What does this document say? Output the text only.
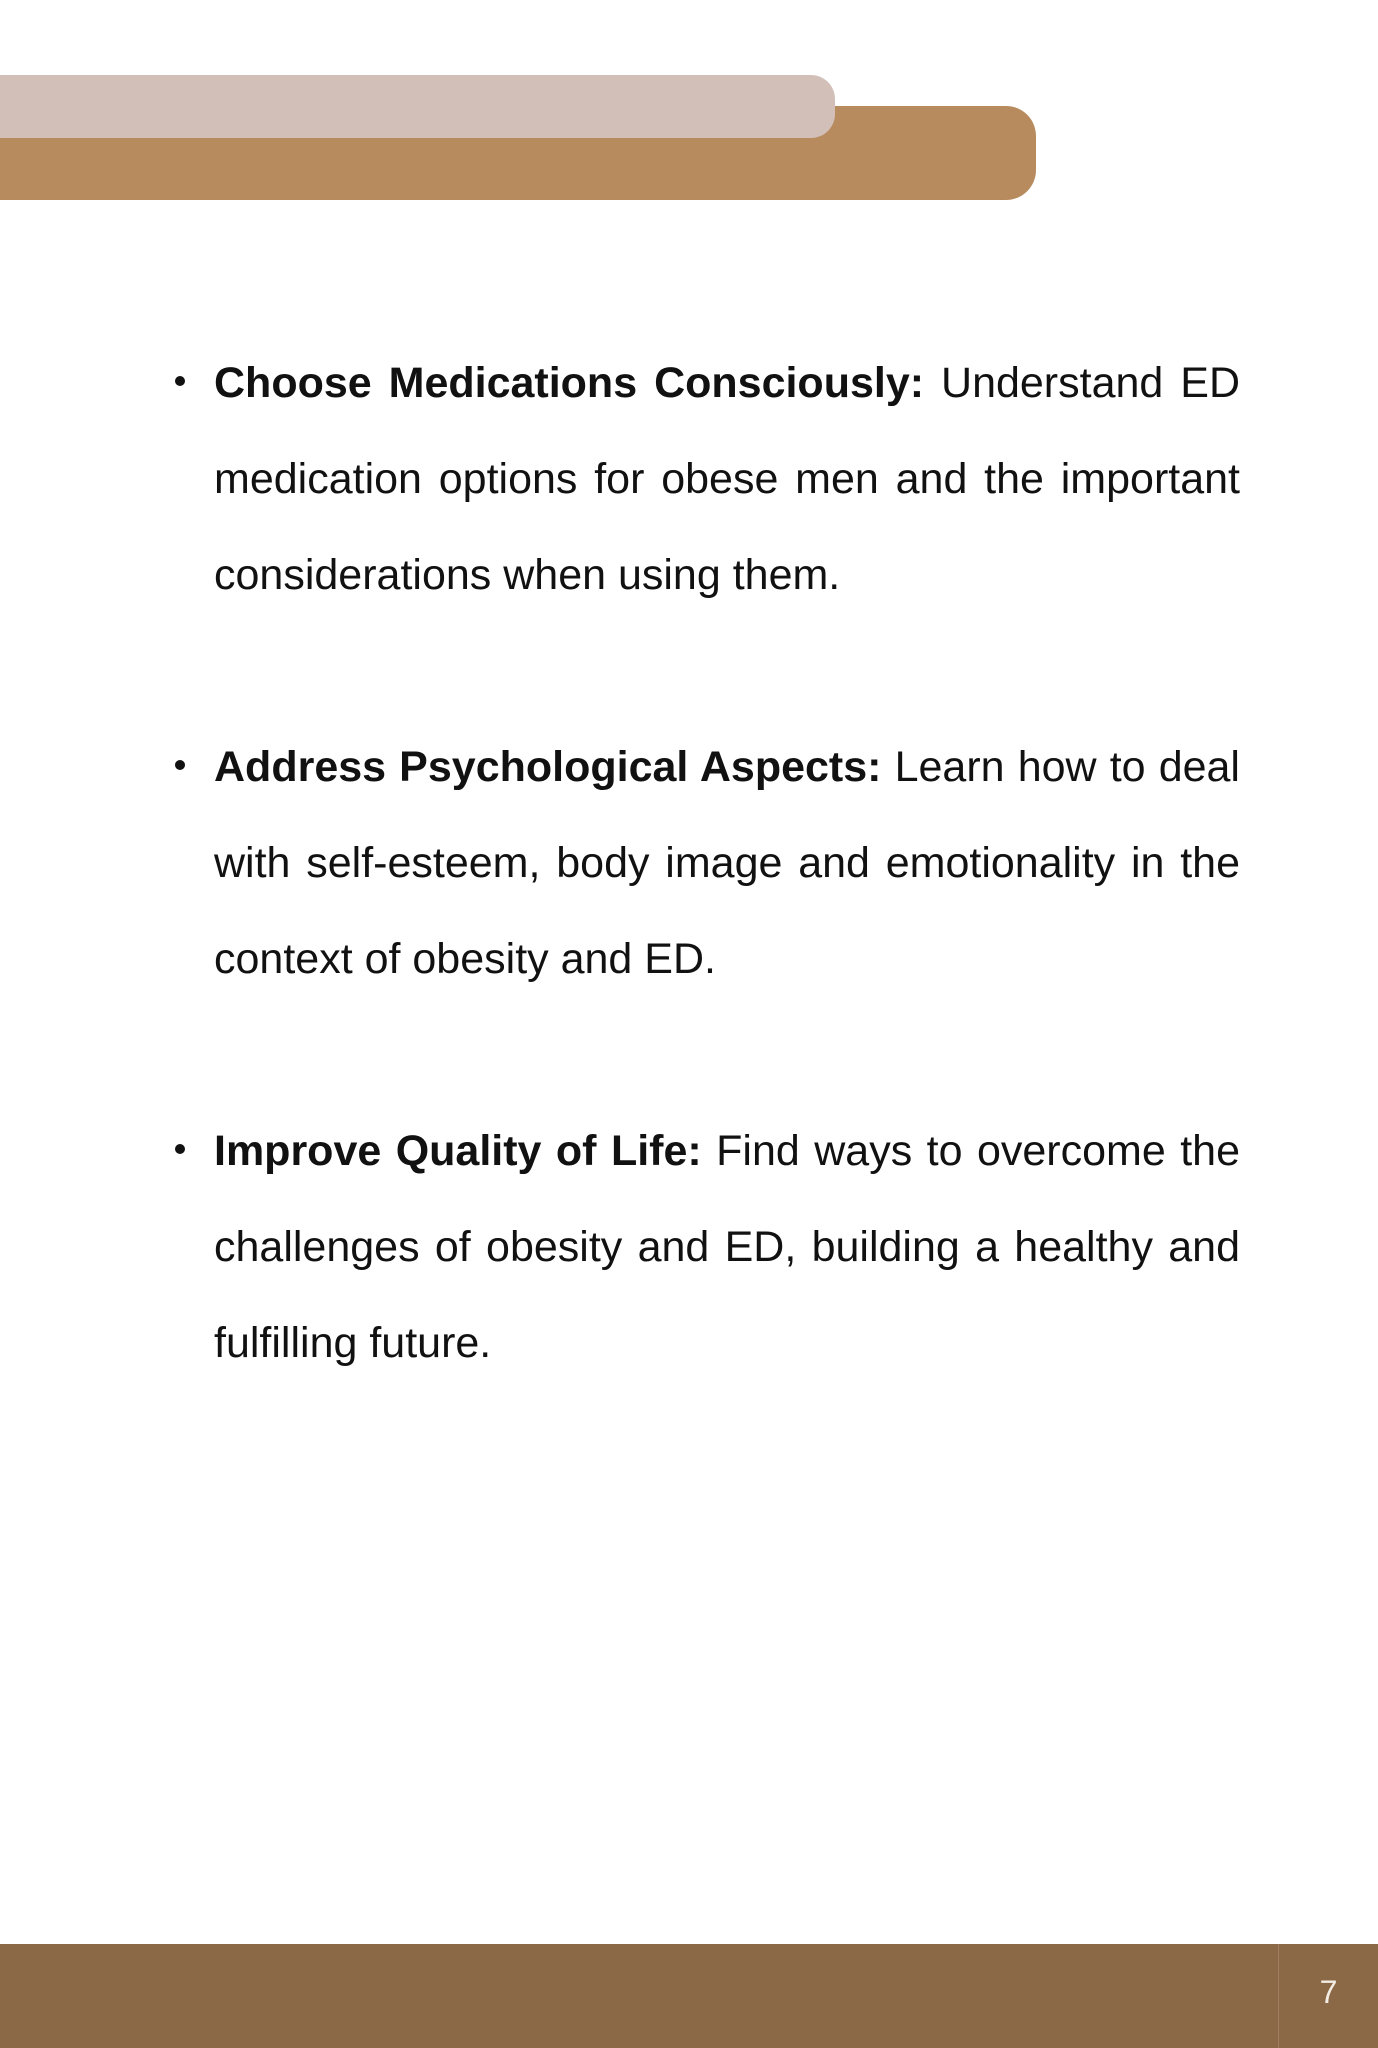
Choose Medications Consciously: Understand ED medication options for obese men and the important considerations when using them.
Address Psychological Aspects: Learn how to deal with self-esteem, body image and emotionality in the context of obesity and ED.
Improve Quality of Life: Find ways to overcome the challenges of obesity and ED, building a healthy and fulfilling future.
7
